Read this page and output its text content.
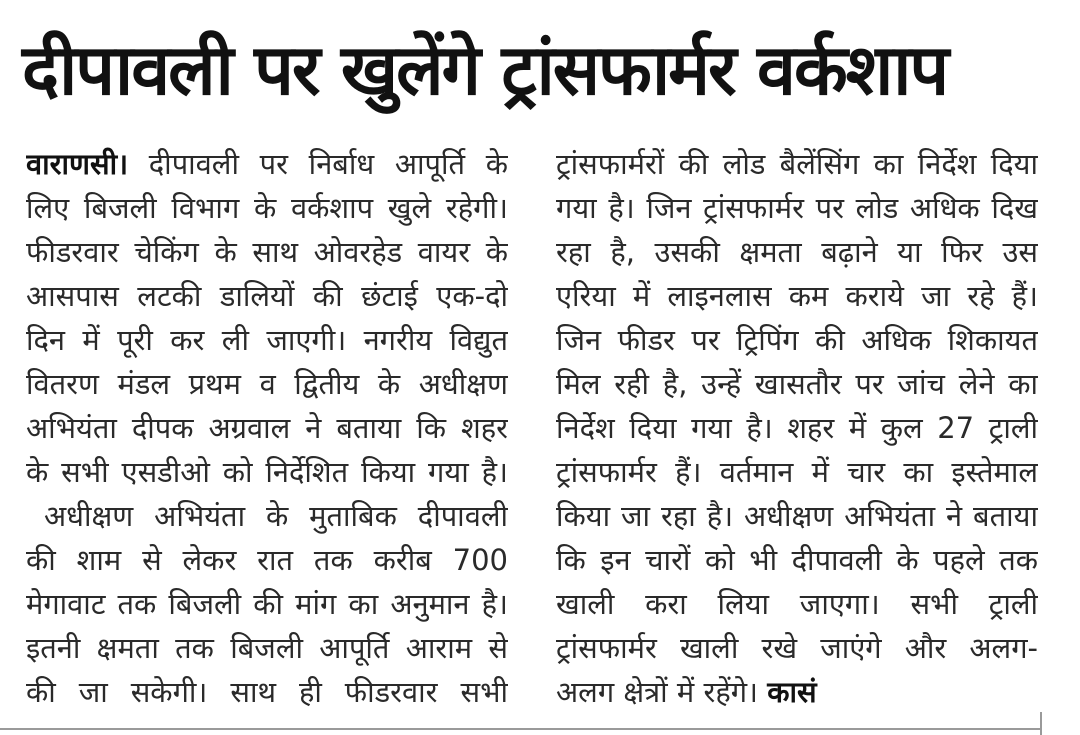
दीपावली पर खुलेंगे ट्रांसफार्मर वर्कशाप
वाराणसी। दीपावली पर निर्बाध आपूर्ति के
लिए बिजली विभाग के वर्कशाप खुले रहेगी।
फीडरवार चेकिंग के साथ ओवरहेड वायर के
आसपास लटकी डालियों की छंटाई एक-दो
दिन में पूरी कर ली जाएगी। नगरीय विद्युत
वितरण मंडल प्रथम व द्वितीय के अधीक्षण
अभियंता दीपक अग्रवाल ने बताया कि शहर
के सभी एसडीओ को निर्देशित किया गया है।
अधीक्षण अभियंता के मुताबिक दीपावली
की शाम से लेकर रात तक करीब 700
मेगावाट तक बिजली की मांग का अनुमान है।
इतनी क्षमता तक बिजली आपूर्ति आराम से
की जा सकेगी। साथ ही फीडरवार सभी
ट्रांसफार्मरों की लोड बैलेंसिंग का निर्देश दिया
गया है। जिन ट्रांसफार्मर पर लोड अधिक दिख
रहा है, उसकी क्षमता बढ़ाने या फिर उस
एरिया में लाइनलास कम कराये जा रहे हैं।
जिन फीडर पर ट्रिपिंग की अधिक शिकायत
मिल रही है, उन्हें खासतौर पर जांच लेने का
निर्देश दिया गया है। शहर में कुल 27 ट्राली
ट्रांसफार्मर हैं। वर्तमान में चार का इस्तेमाल
किया जा रहा है। अधीक्षण अभियंता ने बताया
कि इन चारों को भी दीपावली के पहले तक
खाली करा लिया जाएगा। सभी ट्राली
ट्रांसफार्मर खाली रखे जाएंगे और अलग-
अलग क्षेत्रों में रहेंगे। कासं
